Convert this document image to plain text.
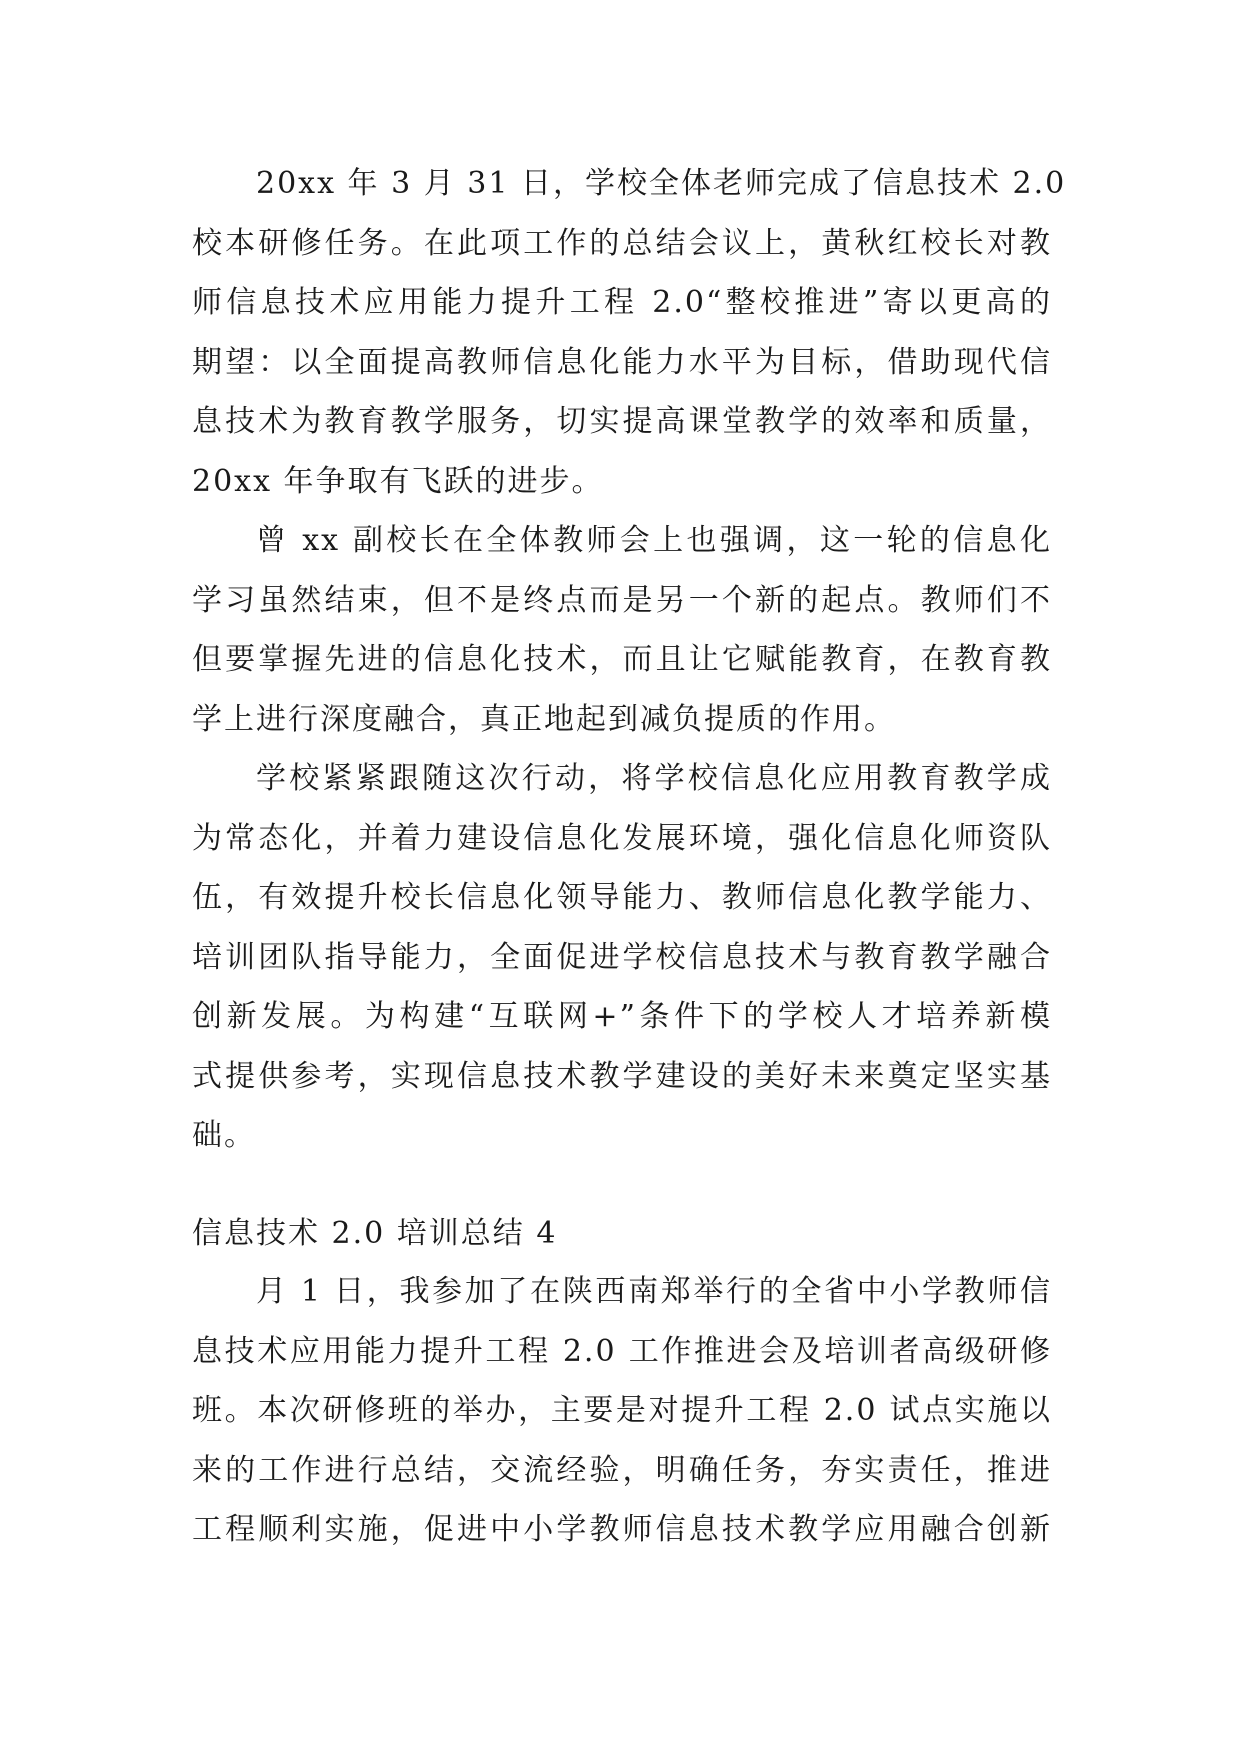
20xx 年 3 月 31 日，学校全体老师完成了信息技术 2.0
校本研修任务。在此项工作的总结会议上，黄秋红校长对教
师信息技术应用能力提升工程 2.0“整校推进”寄以更高的
期望：以全面提高教师信息化能力水平为目标，借助现代信
息技术为教育教学服务，切实提高课堂教学的效率和质量，
20xx 年争取有飞跃的进步。
曾 xx 副校长在全体教师会上也强调，这一轮的信息化
学习虽然结束，但不是终点而是另一个新的起点。教师们不
但要掌握先进的信息化技术，而且让它赋能教育，在教育教
学上进行深度融合，真正地起到减负提质的作用。
学校紧紧跟随这次行动，将学校信息化应用教育教学成
为常态化，并着力建设信息化发展环境，强化信息化师资队
伍，有效提升校长信息化领导能力、教师信息化教学能力、
培训团队指导能力，全面促进学校信息技术与教育教学融合
创新发展。为构建“互联网+”条件下的学校人才培养新模
式提供参考，实现信息技术教学建设的美好未来奠定坚实基
础。
信息技术 2.0 培训总结 4
月 1 日，我参加了在陕西南郑举行的全省中小学教师信
息技术应用能力提升工程 2.0 工作推进会及培训者高级研修
班。本次研修班的举办，主要是对提升工程 2.0 试点实施以
来的工作进行总结，交流经验，明确任务，夯实责任，推进
工程顺利实施，促进中小学教师信息技术教学应用融合创新
